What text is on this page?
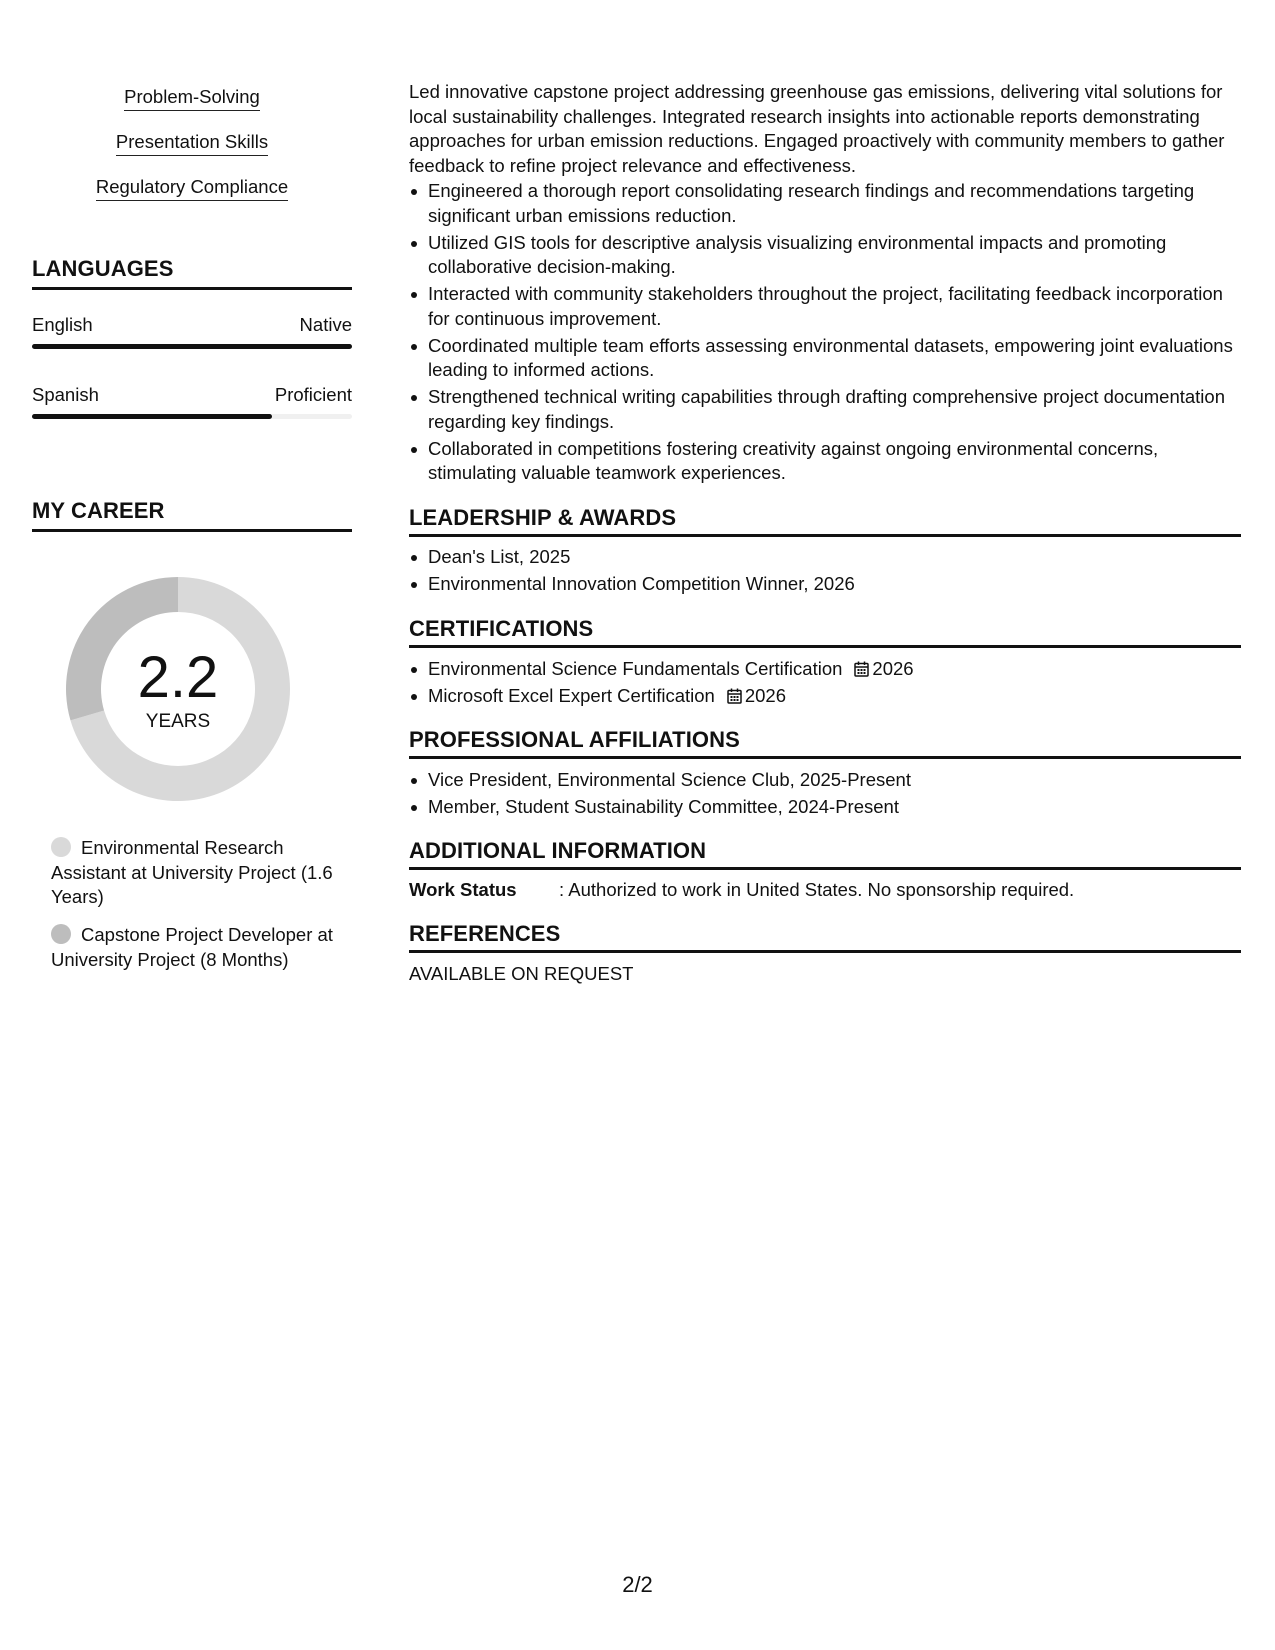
Problem-Solving
Presentation Skills
Regulatory Compliance
LANGUAGES
English	Native
Spanish	Proficient
MY CAREER
2.2
YEARS
Environmental Research Assistant at University Project (1.6 Years)
Capstone Project Developer at University Project (8 Months)
Led innovative capstone project addressing greenhouse gas emissions, delivering vital solutions for local sustainability challenges. Integrated research insights into actionable reports demonstrating approaches for urban emission reductions. Engaged proactively with community members to gather feedback to refine project relevance and effectiveness.
Engineered a thorough report consolidating research findings and recommendations targeting significant urban emissions reduction.
Utilized GIS tools for descriptive analysis visualizing environmental impacts and promoting collaborative decision-making.
Interacted with community stakeholders throughout the project, facilitating feedback incorporation for continuous improvement.
Coordinated multiple team efforts assessing environmental datasets, empowering joint evaluations leading to informed actions.
Strengthened technical writing capabilities through drafting comprehensive project documentation regarding key findings.
Collaborated in competitions fostering creativity against ongoing environmental concerns, stimulating valuable teamwork experiences.
LEADERSHIP & AWARDS
Dean's List, 2025
Environmental Innovation Competition Winner, 2026
CERTIFICATIONS
Environmental Science Fundamentals Certification 2026
Microsoft Excel Expert Certification 2026
PROFESSIONAL AFFILIATIONS
Vice President, Environmental Science Club, 2025-Present
Member, Student Sustainability Committee, 2024-Present
ADDITIONAL INFORMATION
Work Status : Authorized to work in United States. No sponsorship required.
REFERENCES
AVAILABLE ON REQUEST
2/2
